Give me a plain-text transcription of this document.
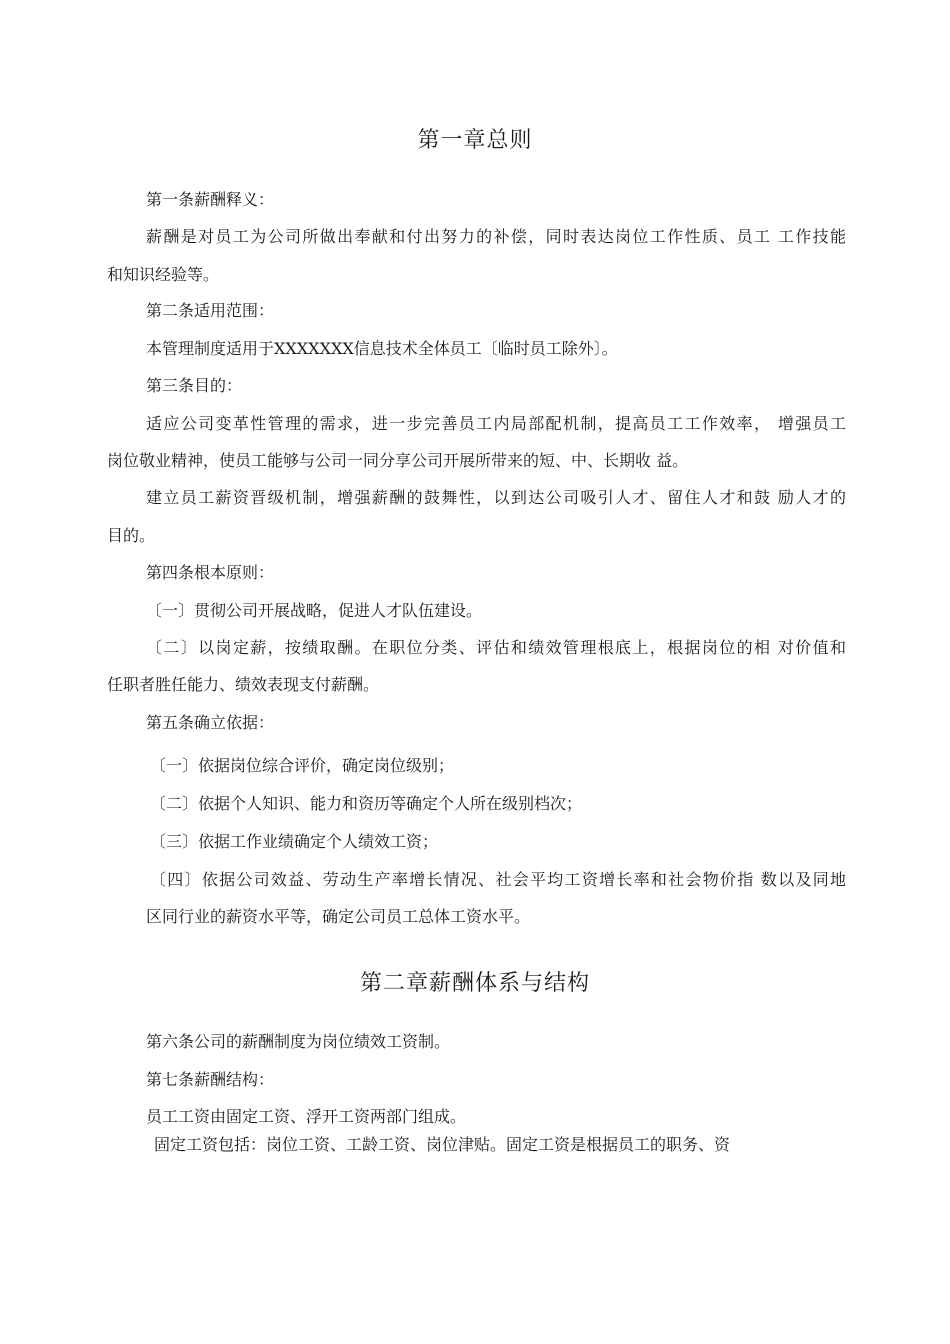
第一章总则

第一条薪酬释义：

薪酬是对员工为公司所做出奉献和付出努力的补偿，同时表达岗位工作性质、员工 工作技能

和知识经验等。

第二条适用范围：

本管理制度适用于XXXXXXX信息技术全体员工〔临时员工除外〕。

第三条目的：

适应公司变革性管理的需求，进一步完善员工内局部配机制，提高员工工作效率， 增强员工

岗位敬业精神，使员工能够与公司一同分享公司开展所带来的短、中、长期收 益。

建立员工薪资晋级机制，增强薪酬的鼓舞性，以到达公司吸引人才、留住人才和鼓 励人才的

目的。

第四条根本原则：

〔一〕贯彻公司开展战略，促进人才队伍建设。

〔二〕以岗定薪，按绩取酬。在职位分类、评估和绩效管理根底上，根据岗位的相 对价值和

任职者胜任能力、绩效表现支付薪酬。

第五条确立依据：

〔一〕依据岗位综合评价，确定岗位级别；

〔二〕依据个人知识、能力和资历等确定个人所在级别档次；

〔三〕依据工作业绩确定个人绩效工资；

〔四〕依据公司效益、劳动生产率增长情况、社会平均工资增长率和社会物价指 数以及同地

区同行业的薪资水平等，确定公司员工总体工资水平。

第二章薪酬体系与结构

第六条公司的薪酬制度为岗位绩效工资制。

第七条薪酬结构：

员工工资由固定工资、浮开工资两部门组成。

固定工资包括：岗位工资、工龄工资、岗位津贴。固定工资是根据员工的职务、资
